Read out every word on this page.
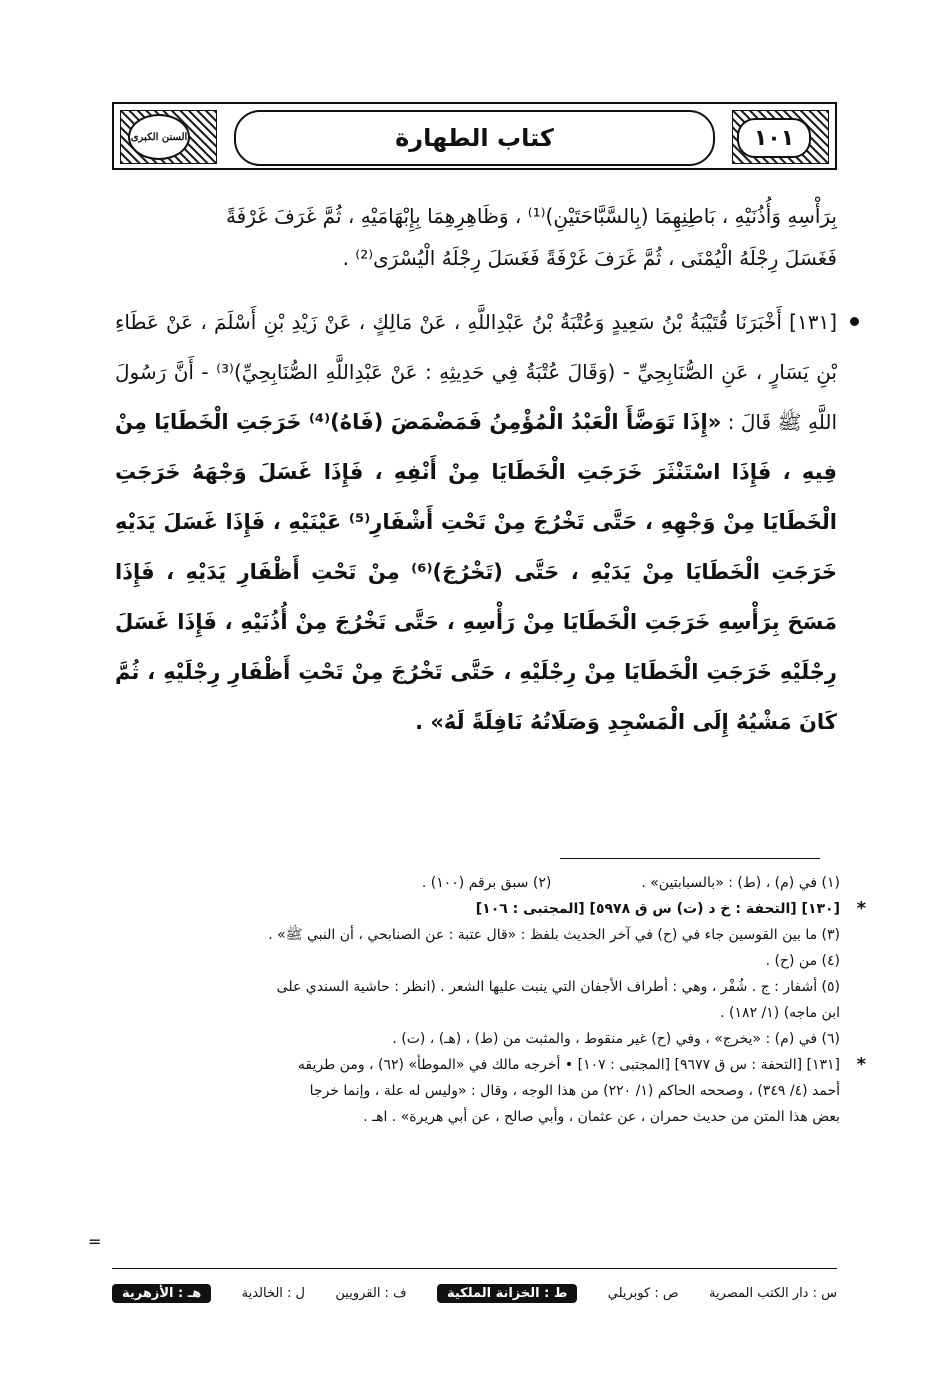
السنن الكبرى	كتاب الطهارة	١٠١

بِرَأْسِهِ وَأُذُنَيْهِ ، بَاطِنِهِمَا (بِالسَّبَّاحَتَيْنِ)⁽¹⁾ ، وَظَاهِرِهِمَا بِإِبْهَامَيْهِ ، ثُمَّ غَرَفَ غَرْفَةً

فَغَسَلَ رِجْلَهُ الْيُمْنَى ، ثُمَّ غَرَفَ غَرْفَةً فَغَسَلَ رِجْلَهُ الْيُسْرَى⁽²⁾ .

[١٣١] أَخْبَرَنَا قُتَيْبَةُ بْنُ سَعِيدٍ وَعُتْبَةُ بْنُ عَبْدِاللَّهِ ، عَنْ مَالِكٍ ، عَنْ زَيْدِ بْنِ أَسْلَمَ ، عَنْ عَطَاءِ بْنِ يَسَارٍ ، عَنِ الصُّنَابِحِيِّ - (وَقَالَ عُتْبَةُ فِي حَدِيثِهِ : عَنْ عَبْدِاللَّهِ الصُّنَابِحِيِّ)⁽³⁾ - أَنَّ رَسُولَ اللَّهِ ﷺ قَالَ : «إِذَا تَوَضَّأَ الْعَبْدُ الْمُؤْمِنُ فَمَضْمَضَ (فَاهُ)⁽⁴⁾ خَرَجَتِ الْخَطَايَا مِنْ فِيهِ ، فَإِذَا اسْتَنْثَرَ خَرَجَتِ الْخَطَايَا مِنْ أَنْفِهِ ، فَإِذَا غَسَلَ وَجْهَهُ خَرَجَتِ الْخَطَايَا مِنْ وَجْهِهِ ، حَتَّى تَخْرُجَ مِنْ تَحْتِ أَشْفَارِ⁽⁵⁾ عَيْنَيْهِ ، فَإِذَا غَسَلَ يَدَيْهِ خَرَجَتِ الْخَطَايَا مِنْ يَدَيْهِ ، حَتَّى (تَخْرُجَ)⁽⁶⁾ مِنْ تَحْتِ أَظْفَارِ يَدَيْهِ ، فَإِذَا مَسَحَ بِرَأْسِهِ خَرَجَتِ الْخَطَايَا مِنْ رَأْسِهِ ، حَتَّى تَخْرُجَ مِنْ أُذُنَيْهِ ، فَإِذَا غَسَلَ رِجْلَيْهِ خَرَجَتِ الْخَطَايَا مِنْ رِجْلَيْهِ ، حَتَّى تَخْرُجَ مِنْ تَحْتِ أَظْفَارِ رِجْلَيْهِ ، ثُمَّ كَانَ مَشْيُهُ إِلَى الْمَسْجِدِ وَصَلَاتُهُ نَافِلَةً لَهُ» .
(١) في (م) ، (ط) : «بالسبابتين» .
(٢) سبق برقم (١٠٠) .

*
[١٣٠] [التحفة : خ د (ت) س ق ٥٩٧٨] [المجتبى : ١٠٦]

(٣) ما بين القوسين جاء في (ح) في آخر الحديث بلفظ : «قال عتبة : عن الصنابحي ، أن النبي ﷺ» .

(٤) من (ح) .

(٥) أشفار : ج . شُفْر ، وهي : أطراف الأجفان التي ينبت عليها الشعر . (انظر : حاشية السندي على

ابن ماجه) (١/ ١٨٢) .

(٦) في (م) : «يخرج» ، وفي (ح) غير منقوط ، والمثبت من (ط) ، (هـ) ، (ت) .

*
[١٣١] [التحفة : س ق ٩٦٧٧] [المجتبى : ١٠٧] • أخرجه مالك في «الموطأ» (٦٢) ، ومن طريقه

أحمد (٤/ ٣٤٩) ، وصححه الحاكم (١/ ٢٢٠) من هذا الوجه ، وقال : «وليس له علة ، وإنما خرجا

بعض هذا المتن من حديث حمران ، عن عثمان ، وأبي صالح ، عن أبي هريرة» . اهـ .

=
س : دار الكتب المصرية
ص : كوبريلي
ط : الخزانة الملكية
ف : القرويين
ل : الخالدية
هـ : الأزهرية
